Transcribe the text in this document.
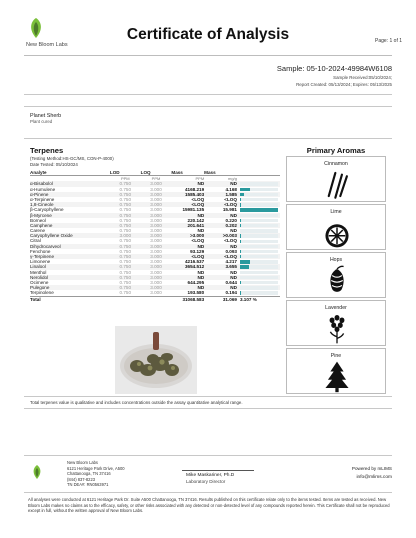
New Bloom Labs
Certificate of Analysis	Page: 1 of 1
Sample: 05-10-2024-49984W6108
Sample Received:05/10/2024;
Report Created: 05/13/2024; Expires: 05/13/2025
Planet Sherb
Plant cured
Terpenes
(Testing Method:HS-GC/MS, CON-P-4000)
Date Tested: 05/10/2024
Analyte	LOD	LOQ	Mass	Mass	
	PPM	PPM	PPM	mg/g	
α-Bisabolol	0.750	3.000	ND	ND	

α-Humulene	0.750	3.000	4168.219	4.168	

α-Pinene	0.750	3.000	1585.403	1.585	

α-Terpinene	0.750	3.000	<LOQ	<LOQ	

1,8-Cineole	0.750	3.000	<LOQ	<LOQ	

β-Caryophyllene	0.750	3.000	15981.135	15.981	

β-Myrcene	0.750	3.000	ND	ND	

Borneol	0.750	3.000	220.142	0.220	

Camphene	0.750	3.000	201.641	0.202	

Carene	0.750	3.000	ND	ND	

Caryophyllene Oxide	3.000	3.000	>3.000	>0.003	

Citral	0.750	3.000	<LOQ	<LOQ	

Dihydrocarveol	0.750	3.000	ND	ND	

Fenchone	0.750	3.000	93.129	0.093	

γ-Terpinene	0.750	3.000	<LOQ	<LOQ	

Limonene	0.750	3.000	4216.537	4.217	

Linalool	0.750	3.000	3654.512	3.655	

Menthol	0.750	3.000	ND	ND	

Nerolidol	0.750	3.000	ND	ND	

Ocimene	0.750	3.000	644.295	0.644	

Pulegone	0.750	3.000	ND	ND	

Terpinolene	0.750	3.000	193.580	0.194	

Total			31068.583	31.069	3.107 %
Primary Aromas
Cinnamon
Lime
Hops
Lavender
Total terpenes value is qualitative and includes concentrations outside the assay quantitative analytical range.
New Bloom Labs
6121 Heritage Park Drive, A500
Chattanooga, TN 37416
(844) 837-8223
TN DEA#: RN0563971
Mike Maskariner, Ph.D
Laboratory Director
Powered by mLIMS
info@mlims.com
All analyses were conducted at 6121 Heritage Park Dr. Suite A500 Chattanooga, TN 37416. Results published on this certificate relate only to the items tested. Items are tested as received. New Bloom Labs makes no claims as to the efficacy, safety, or other risks associated with any detected or non-detected level of any compounds reported herein. This Certificate shall not be reproduced except in full, without the written approval of New Bloom Labs.
Pine
